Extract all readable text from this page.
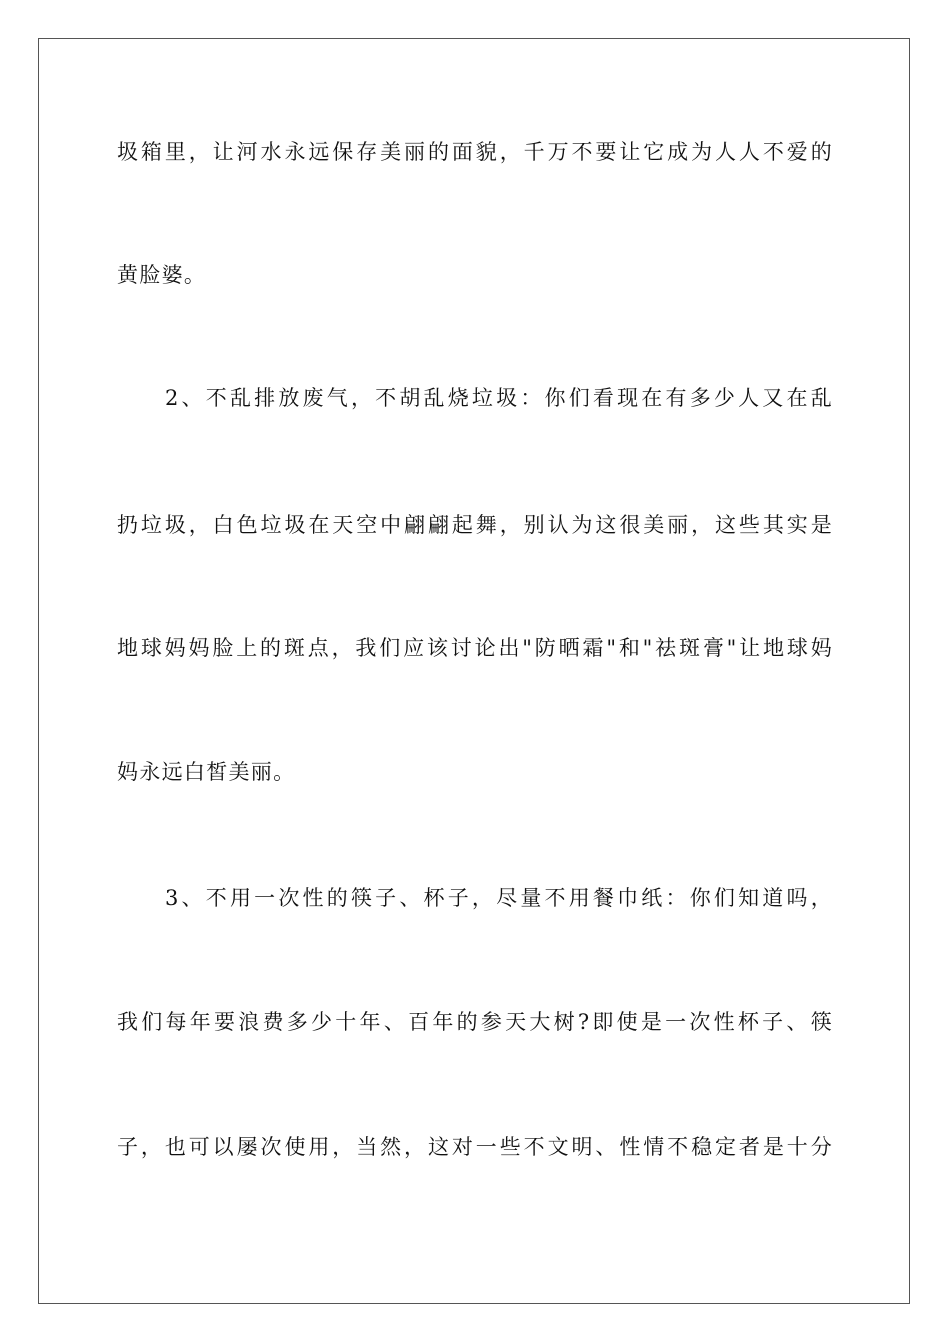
圾箱里，让河水永远保存美丽的面貌，千万不要让它成为人人不爱的
黄脸婆。
2、不乱排放废气，不胡乱烧垃圾：你们看现在有多少人又在乱
扔垃圾，白色垃圾在天空中翩翩起舞，别认为这很美丽，这些其实是
地球妈妈脸上的斑点，我们应该讨论出"防晒霜"和"祛斑膏"让地球妈
妈永远白皙美丽。
3、不用一次性的筷子、杯子，尽量不用餐巾纸：你们知道吗，
我们每年要浪费多少十年、百年的参天大树?即使是一次性杯子、筷
子，也可以屡次使用，当然，这对一些不文明、性情不稳定者是十分
